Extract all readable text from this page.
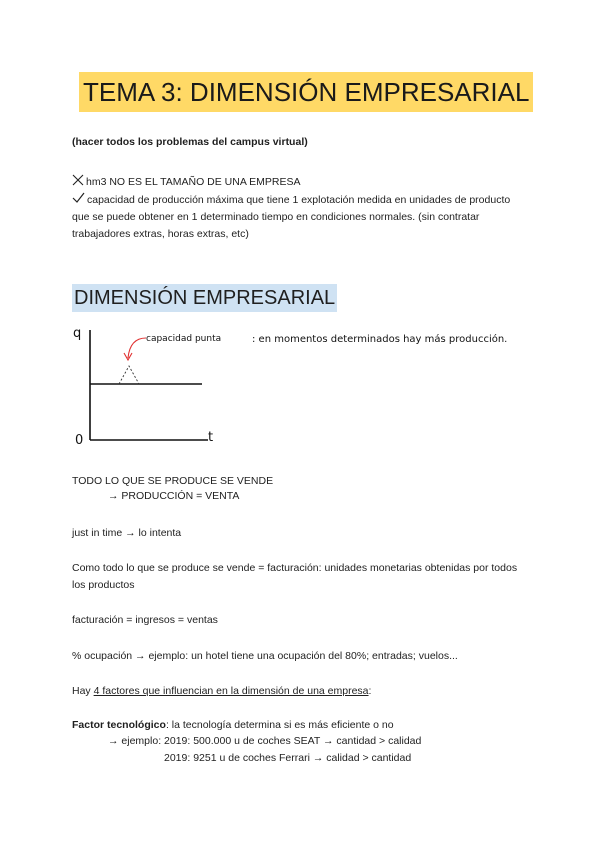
TEMA 3: DIMENSIÓN EMPRESARIAL
(hacer todos los problemas del campus virtual)
hm3 NO ES EL TAMAÑO DE UNA EMPRESA
capacidad de producción máxima que tiene 1 explotación medida en unidades de producto que se puede obtener en 1 determinado tiempo en condiciones normales. (sin contratar trabajadores extras, horas extras, etc)
DIMENSIÓN EMPRESARIAL
q
t
0
capacidad punta	: en momentos determinados hay más producción.
TODO LO QUE SE PRODUCE SE VENDE
→ PRODUCCIÓN = VENTA
just in time → lo intenta
Como todo lo que se produce se vende = facturación: unidades monetarias obtenidas por todos los productos
facturación = ingresos = ventas
% ocupación → ejemplo: un hotel tiene una ocupación del 80%; entradas; vuelos...
Hay 4 factores que influencian en la dimensión de una empresa:
Factor tecnológico: la tecnología determina si es más eficiente o no
→ ejemplo: 2019: 500.000 u de coches SEAT → cantidad > calidad
2019: 9251 u de coches Ferrari → calidad > cantidad
